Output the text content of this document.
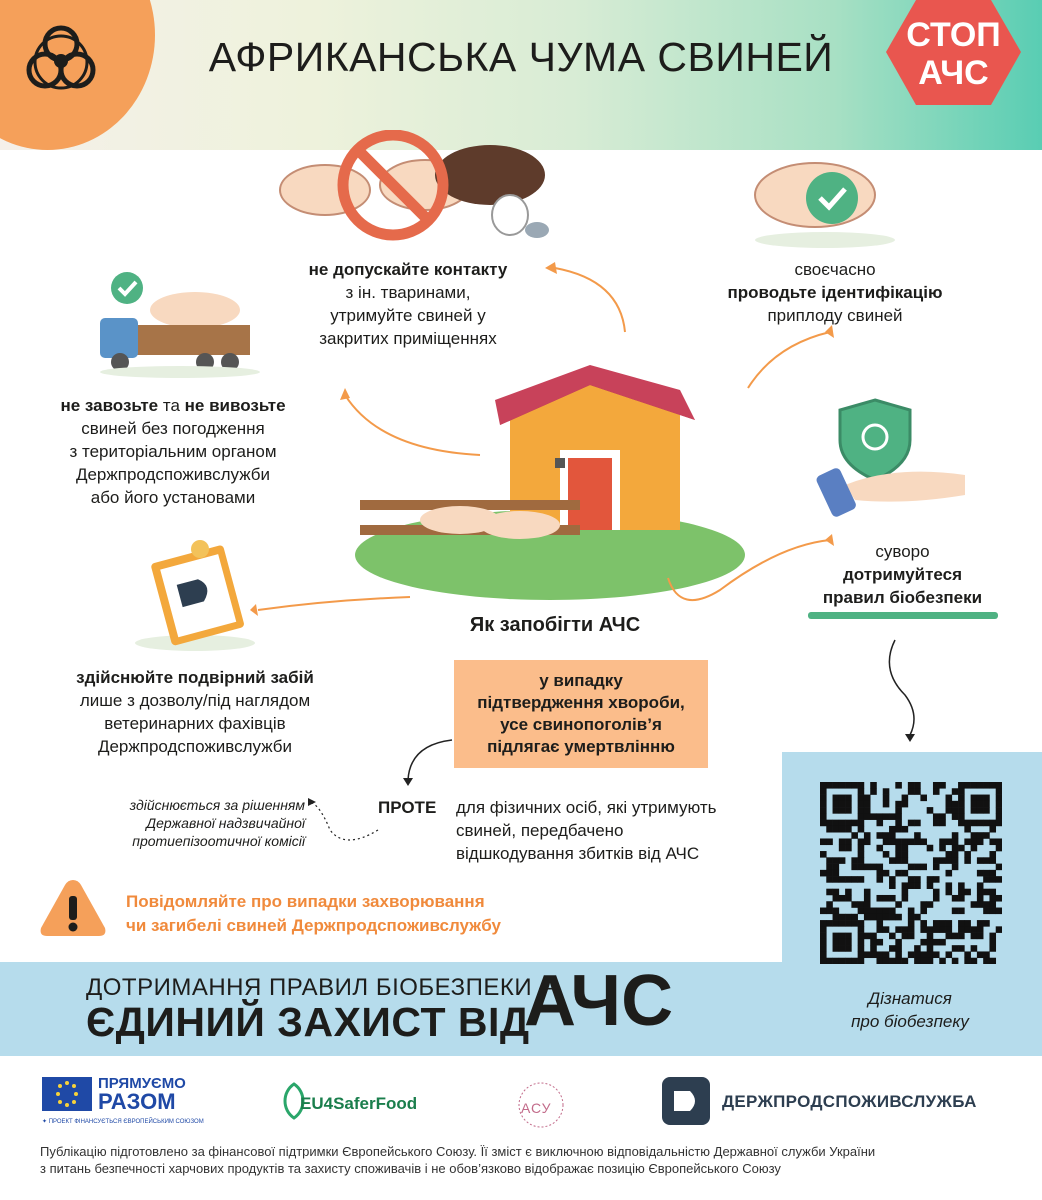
АФРИКАНСЬКА ЧУМА СВИНЕЙ	СТОП
АЧС
не допускайте контакту
з ін. тваринами,
утримуйте свиней у
закритих приміщеннях
своєчасно
проводьте ідентифікацію
приплоду свиней
не завозьте та не вивозьте
свиней без погодження
з територіальним органом
Держпродспоживслужби
або його установами
суворо
дотримуйтеся
правил біобезпеки
Як запобігти АЧС
здійснюйте подвірний забій
лише з дозволу/під наглядом
ветеринарних фахівців
Держпродспоживслужби
у випадку
підтвердження хвороби,
усе свинопоголів’я
підлягає умертвлінню
здійснюється за рішенням
Державної надзвичайної
протиепізоотичної комісії
ПРОТЕ для фізичних осіб, які утримують
свиней, передбачено
відшкодування збитків від АЧС
Повідомляйте про випадки захворювання
чи загибелі свиней Держпродспоживслужбу
ДОТРИМАННЯ ПРАВИЛ БІОБЕЗПЕКИ –
ЄДИНИЙ ЗАХИСТ ВІД
АЧС	Дізнатися
про біобезпеку
ПРЯМУЄМО
РАЗОМ
✦ ПРОЕКТ ФІНАНСУЄТЬСЯ ЄВРОПЕЙСЬКИМ СОЮЗОМ
EU4SaferFood	АСУ	ДЕРЖПРОДСПОЖИВСЛУЖБА
Публікацію підготовлено за фінансової підтримки Європейського Союзу. Її зміст є виключною відповідальністю Державної служби України
з питань безпечності харчових продуктів та захисту споживачів і не обов’язково відображає позицію Європейського Союзу
